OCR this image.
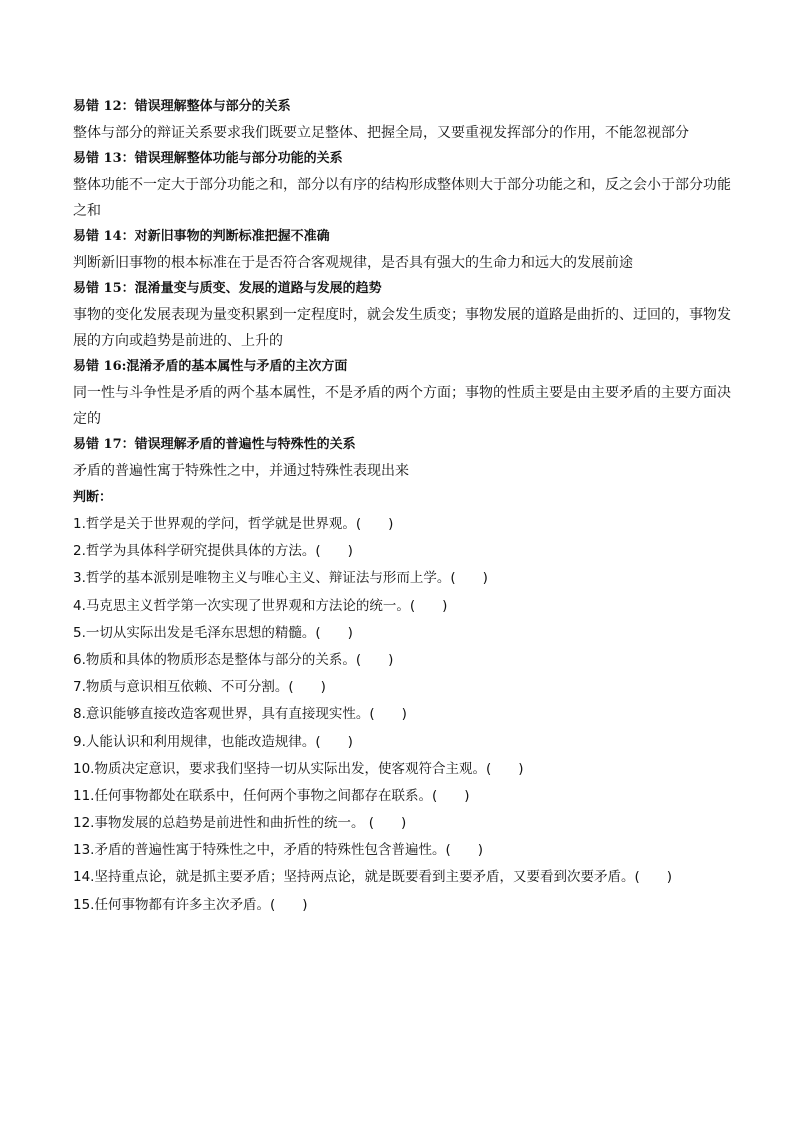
易错 12：错误理解整体与部分的关系
整体与部分的辩证关系要求我们既要立足整体、把握全局，又要重视发挥部分的作用，不能忽视部分
易错 13：错误理解整体功能与部分功能的关系
整体功能不一定大于部分功能之和，部分以有序的结构形成整体则大于部分功能之和，反之会小于部分功能之和
易错 14：对新旧事物的判断标准把握不准确
判断新旧事物的根本标准在于是否符合客观规律，是否具有强大的生命力和远大的发展前途
易错 15：混淆量变与质变、发展的道路与发展的趋势
事物的变化发展表现为量变积累到一定程度时，就会发生质变；事物发展的道路是曲折的、迂回的，事物发展的方向或趋势是前进的、上升的
易错 16:混淆矛盾的基本属性与矛盾的主次方面
同一性与斗争性是矛盾的两个基本属性，不是矛盾的两个方面；事物的性质主要是由主要矛盾的主要方面决定的
易错 17：错误理解矛盾的普遍性与特殊性的关系
矛盾的普遍性寓于特殊性之中，并通过特殊性表现出来
判断：
1.哲学是关于世界观的学问，哲学就是世界观。(　　)
2.哲学为具体科学研究提供具体的方法。(　　)
3.哲学的基本派别是唯物主义与唯心主义、辩证法与形而上学。(　　)
4.马克思主义哲学第一次实现了世界观和方法论的统一。(　　)
5.一切从实际出发是毛泽东思想的精髓。(　　)
6.物质和具体的物质形态是整体与部分的关系。(　　)
7.物质与意识相互依赖、不可分割。(　　)
8.意识能够直接改造客观世界，具有直接现实性。(　　)
9.人能认识和利用规律，也能改造规律。(　　)
10.物质决定意识，要求我们坚持一切从实际出发，使客观符合主观。(　　)
11.任何事物都处在联系中，任何两个事物之间都存在联系。(　　)
12.事物发展的总趋势是前进性和曲折性的统一。 (　　)
13.矛盾的普遍性寓于特殊性之中，矛盾的特殊性包含普遍性。(　　)
14.坚持重点论，就是抓主要矛盾；坚持两点论，就是既要看到主要矛盾，又要看到次要矛盾。(　　)
15.任何事物都有许多主次矛盾。(　　)
